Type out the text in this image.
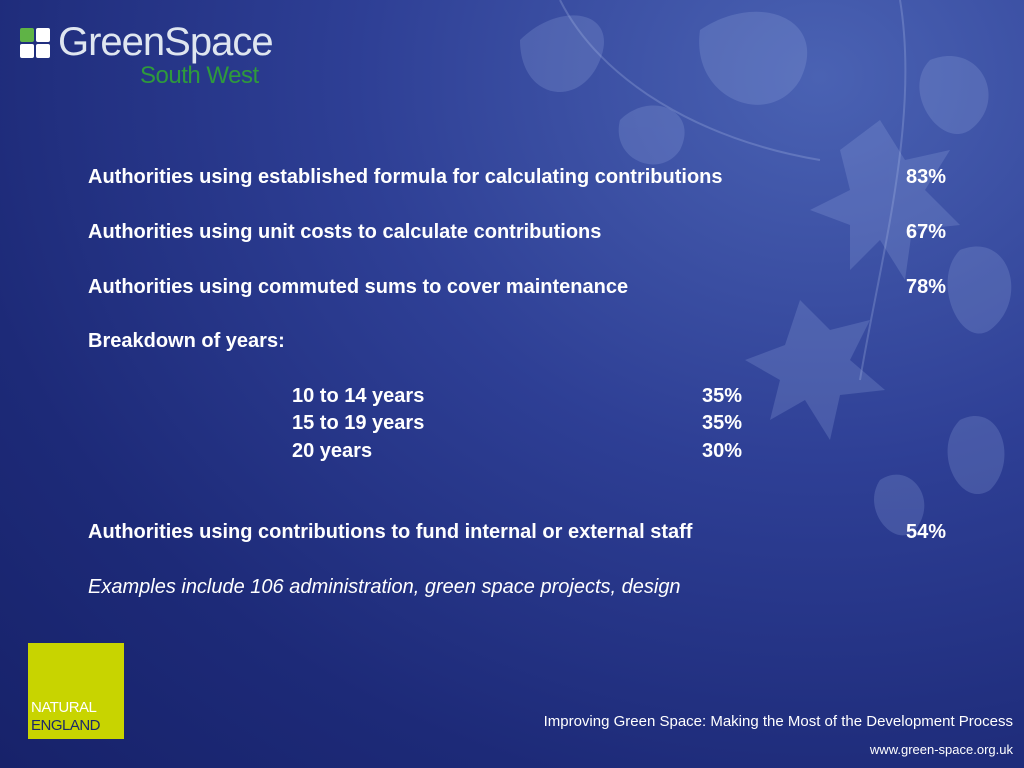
GreenSpace
South West
Authorities using established formula for calculating contributions	83%
Authorities using unit costs to calculate contributions	67%
Authorities using commuted sums to cover maintenance	78%
Breakdown of years:
10 to 14 years	35%
15 to 19 years	35%
20 years	30%
Authorities using contributions to fund internal or external staff	54%
Examples include 106 administration, green space projects, design
NATURAL
ENGLAND	Improving Green Space: Making the Most of the Development Process
www.green-space.org.uk
